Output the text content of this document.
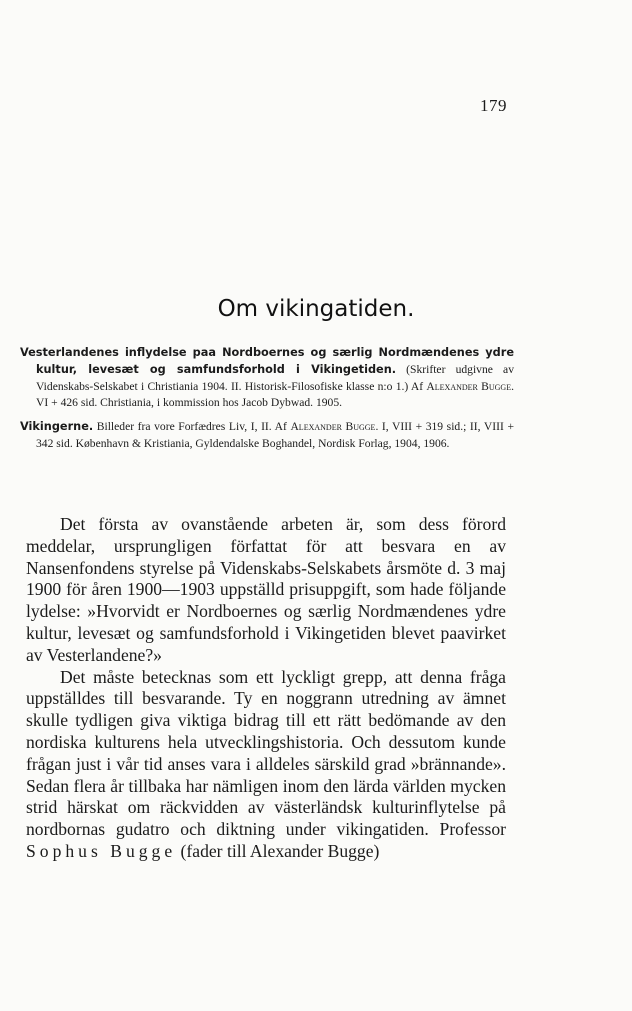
179
Om vikingatiden.

Vesterlandenes inflydelse paa Nordboernes og særlig Nordmændenes ydre kultur, levesæt og samfundsforhold i Vikingetiden. (Skrifter udgivne av Videnskabs-Selskabet i Christiania 1904. II. Historisk-Filosofiske klasse n:o 1.) Af Alexander Bugge. VI + 426 sid. Christiania, i kommission hos Jacob Dybwad. 1905.

Vikingerne. Billeder fra vore Forfædres Liv, I, II. Af Alexander Bugge. I, VIII + 319 sid.; II, VIII + 342 sid. København & Kristiania, Gyldendalske Boghandel, Nordisk Forlag, 1904, 1906.

Det första av ovanstående arbeten är, som dess förord meddelar, ursprungligen författat för att besvara en av Nansenfondens styrelse på Videnskabs-Selskabets årsmöte d. 3 maj 1900 för åren 1900—1903 uppställd prisuppgift, som hade följande lydelse: »Hvorvidt er Nordboernes og særlig Nordmændenes ydre kultur, levesæt og samfundsforhold i Vikingetiden blevet paavirket av Vesterlandene?»

Det måste betecknas som ett lyckligt grepp, att denna fråga uppställdes till besvarande. Ty en noggrann utredning av ämnet skulle tydligen giva viktiga bidrag till ett rätt bedömande av den nordiska kulturens hela utvecklingshistoria. Och dessutom kunde frågan just i vår tid anses vara i alldeles särskild grad »brännande». Sedan flera år tillbaka har nämligen inom den lärda världen mycken strid härskat om räckvidden av västerländsk kulturinflytelse på nordbornas gudatro och diktning under vikingatiden. Professor Sophus Bugge (fader till Alexander Bugge)
